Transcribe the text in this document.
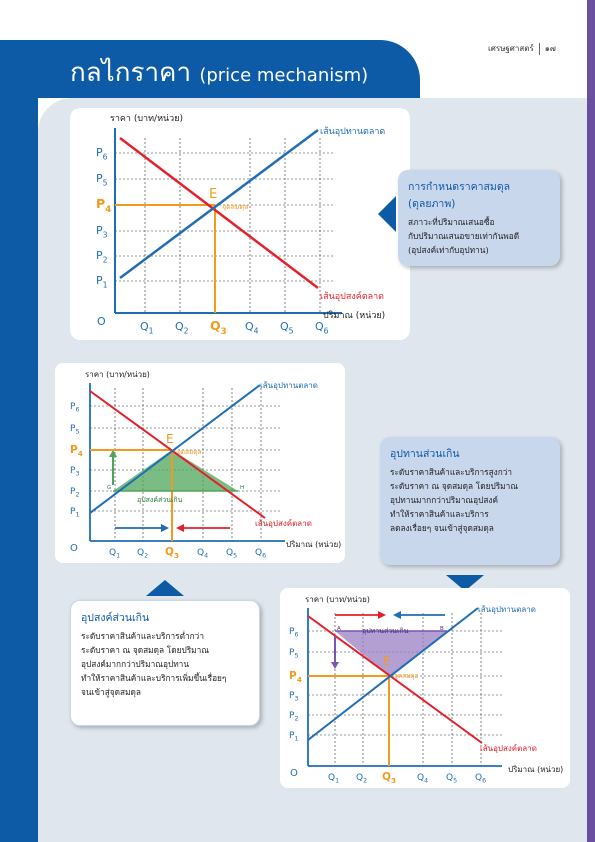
กลไกราคา (price mechanism)
เศรษฐศาสตร์ ๑๗
ราคา (บาท/หน่วย)
เส้นอุปทานตลาด
เส้นอุปสงค์ตลาด
E
จุดสมดุล
$P_6$
$P_5$
$P_4$
$P_3$
$P_2$
$P_1$
$Q_1$ $Q_2$ $Q_3$ $Q_4$ $Q_5$ $Q_6$
O	ปริมาณ (หน่วย)
การกำหนดราคาสมดุล
(ดุลยภาพ)
สภาวะที่ปริมาณเสนอซื้อ
กับปริมาณเสนอขายเท่ากันพอดี
(อุปสงค์เท่ากับอุปทาน)
ราคา (บาท/หน่วย)
เส้นอุปทานตลาด
เส้นอุปสงค์ตลาด
E
จุดสมดุล
อุปสงค์ส่วนเกิน
G	H
$P_6$
$P_5$
$P_4$
$P_3$
$P_2$
$P_1$
$Q_1$ $Q_2$ $Q_3$ $Q_4$ $Q_5$ $Q_6$
O	ปริมาณ (หน่วย)
อุปทานส่วนเกิน
ระดับราคาสินค้าและบริการสูงกว่า
ระดับราคา ณ จุดสมดุล โดยปริมาณ
อุปทานมากกว่าปริมาณอุปสงค์
ทำให้ราคาสินค้าและบริการ
ลดลงเรื่อยๆ จนเข้าสู่จุดสมดุล
อุปสงค์ส่วนเกิน
ระดับราคาสินค้าและบริการต่ำกว่า
ระดับราคา ณ จุดสมดุล โดยปริมาณ
อุปสงค์มากกว่าปริมาณอุปทาน
ทำให้ราคาสินค้าและบริการเพิ่มขึ้นเรื่อยๆ
จนเข้าสู่จุดสมดุล
ราคา (บาท/หน่วย)
เส้นอุปทานตลาด
เส้นอุปสงค์ตลาด
E
จุดสมดุล
อุปทานส่วนเกิน
A	B
$P_6$
$P_5$
$P_4$
$P_3$
$P_2$
$P_1$
$Q_1$ $Q_2$ $Q_3$ $Q_4$ $Q_5$ $Q_6$
O	ปริมาณ (หน่วย)
